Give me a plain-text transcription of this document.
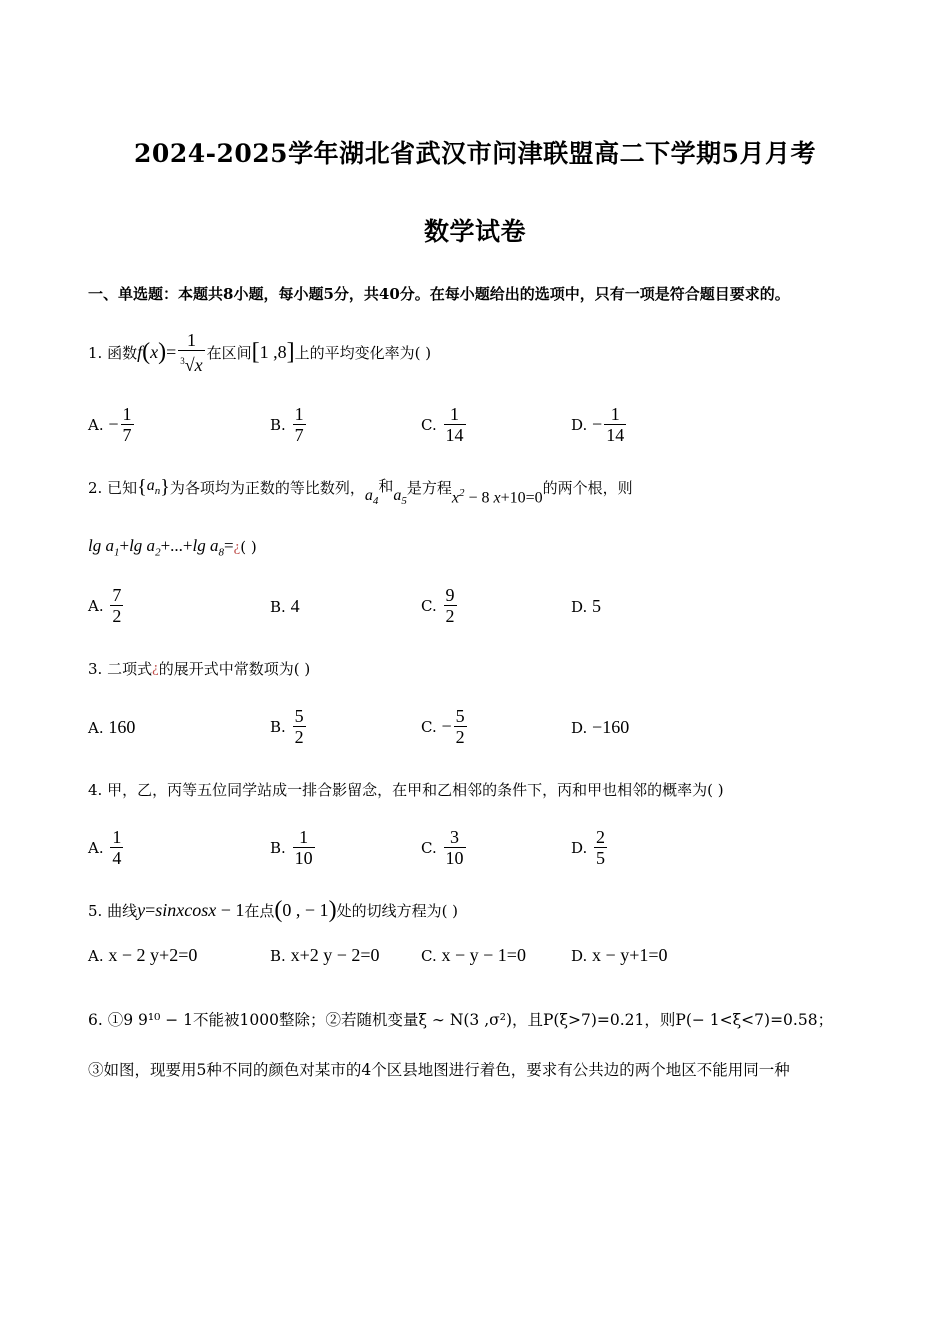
2024-2025学年湖北省武汉市问津联盟高二下学期5月月考
数学试卷
一、单选题：本题共8小题，每小题5分，共40分。在每小题给出的选项中，只有一项是符合题目要求的。
1. 函数 f ( x ) = $\frac{1}{^3√x}$ 在区间 [ 1 ,8 ] 上的平均变化率为( )
A.
− $\frac{1}{7}$	B.
$\frac{1}{7}$	C.
$\frac{1}{14}$	D.
− $\frac{1}{14}$
2. 已知 { $a_n$ } 为各项均为正数的等比数列， $a_4$
和
$a_5$
是方程
$x^2 - 8$ x+10=0
的两个根，则
$\lg a_1+\lg$ $a_2+...+\lg$ $a_8=$ ¿ ( )
A.
$\frac{7}{2}$	B.
4	C.
$\frac{9}{2}$	D.
5
3. 二项式 ¿ 的展开式中常数项为( )
A.
160	B.
$\frac{5}{2}$	C.
− $\frac{5}{2}$	D.
−160
4. 甲，乙，丙等五位同学站成一排合影留念，在甲和乙相邻的条件下，丙和甲也相邻的概率为( )
A.
$\frac{1}{4}$	B.
$\frac{1}{10}$	C.
$\frac{3}{10}$	D.
$\frac{2}{5}$
5. 曲线 y=sinxcosx − 1 在点 ( 0 , − 1 ) 处的切线方程为( )
A.
x − 2 y+2=0	B.
x+2 y − 2=0	C.
x − y − 1=0	D.
x − y+1=0
6. ①9 9¹⁰ − 1不能被1000整除；②若随机变量ξ ∼ N(3 ,σ²)，且P(ξ>7)=0.21，则P(− 1<ξ<7)=0.58；
③如图，现要用5种不同的颜色对某市的4个区县地图进行着色，要求有公共边的两个地区不能用同一种
